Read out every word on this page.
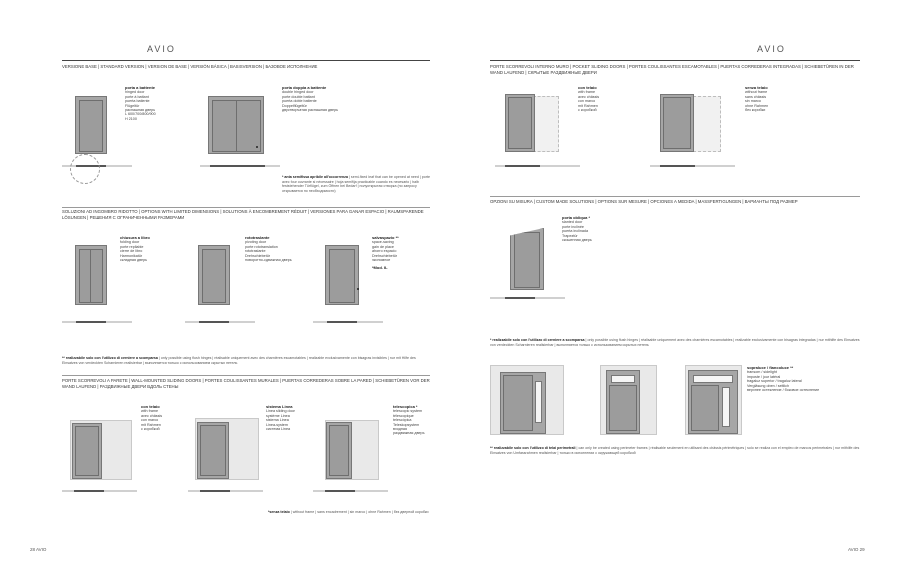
AVIO
VERSIONE BASE | STANDARD VERSION | VERSION DE BASE | VERSIÓN BÁSICA | BASISVERSION | БАЗОВОЕ ИСПОЛНЕНИЕ
porta a battente
hinged door
porte à battant
puerta batiente
Flügeltür
распашная дверь
L 600/700/800/900
H 2100
porta doppia a battente
double hinged door
porte double battant
puerta doble batiente
Doppelflügeltür
двустворчатая распашная дверь
* anta semifissa apribile all'occorrenza | semi-fixed leaf that can be opened at need | porte avec four ouvrante si nécessaire | hoja semifija practicable cuando es necesario | halb feststehender Türflügel, zum Öffnen bei Bedarf | полуоткрытая створка (по запросу открывается по необходимости)
SOLUZIONI AD INGOMBRO RIDOTTO | OPTIONS WITH LIMITED DIMENSIONS | SOLUTIONS À ENCOMBREMENT RÉDUIT | VERSIONES PARA GANAR ESPACIO | RAUMSPARENDE LÖSUNGEN | РЕШЕНИЯ С ОГРАНИЧЕННЫМИ РАЗМЕРАМИ
chiusura a libro
folding door
porte repliable
cierre de libro
Harmonikatür
складная дверь
rototraslante
pivoting door
porte rototranslation
rototraslante
Drehschiebetür
поворотно-сдвижная дверь
salvaspazio **
space-saving
gain de place
ahorro espacio
Drehschiebetür
экономное
*Mod. IL
** realizzabile solo con l'utilizzo di cerniere a scomparsa | only possible using flush hinges | réalisable uniquement avec des charnières escamotables | realizable exclusivamente con bisagras invisibles | nur mit Hilfe des Einsatzes von verdeckten Scharnieren realisierbar | выполняется только с использованием скрытых петель
PORTE SCORREVOLI A PARETE | WALL-MOUNTED SLIDING DOORS | PORTES COULISSANTES MURALES | PUERTAS CORREDERAS SOBRE LA PARED | SCHIEBETÜREN VOR DER WAND LAUFEND | РАЗДВИЖНЫЕ ДВЕРИ ВДОЛЬ СТЕНЫ
con telaio
with frame
avec châssis
con marco
mit Rahmen
с коробкой
sistema Linea
Linea sliding door
système Linea
sistema Linea
Linea-system
система Linea
telescopica *
telescopic system
télescopique
telescópica
Teleskopsystem
входная
раздвижная дверь
*senza telaio | without frame | sans encadrement | sin marco | ohne Rahmen | без дверной коробки
28 AVIO
AVIO
PORTE SCORREVOLI INTERNO MURO | POCKET SLIDING DOORS | PORTES COULISSANTES ESCAMOTABLES | PUERTAS CORREDERAS INTEGRADAS | SCHIEBETÜREN IN DER WAND LAUFEND | СКРЫТЫЕ РАЗДВИЖНЫЕ ДВЕРИ
con telaio
with frame
avec châssis
con marco
mit Rahmen
с коробкой
senza telaio
without frame
sans châssis
sin marco
ohne Rahmen
без коробки
OPZIONI SU MISURA | CUSTOM MADE SOLUTIONS | OPTIONS SUR MESURE | OPCIONES A MEDIDA | MASSFERTIGUNGEN | ВАРИАНТЫ ПОД РАЗМЕР
porta obliqua *
slanted door
porte inclinée
puerta inclinada
Trapeztür
скошенная дверь
* realizzabile solo con l'utilizzo di cerniere a scomparsa | only possible using flush hinges | réalisable uniquement avec des charnières escamotables | realizable exclusivamente con bisagras integradas | nur mithilfe des Einsatzes von verdeckten Scharnieren realisierbar | выполняется только с использованием скрытых петель
sopraluce / fiancoluce **
transom / sidelight
imposte / jour latéral
tragaluz superior / tragaluz lateral
Vergläsung oben / seitlich
верхнее остекление / боковое остекление
** realizzabile solo con l'utilizzo di telai perimetrali | can only be created using perimeter frames | réalisable seulement en utilisant des châssis périmétriques | solo se realiza con el empleo de marcos perimetrales | nur mithilfe des Einsatzes von Umfassrahmen realisierbar | только в исполнении с окружающей коробкой
AVIO 29
